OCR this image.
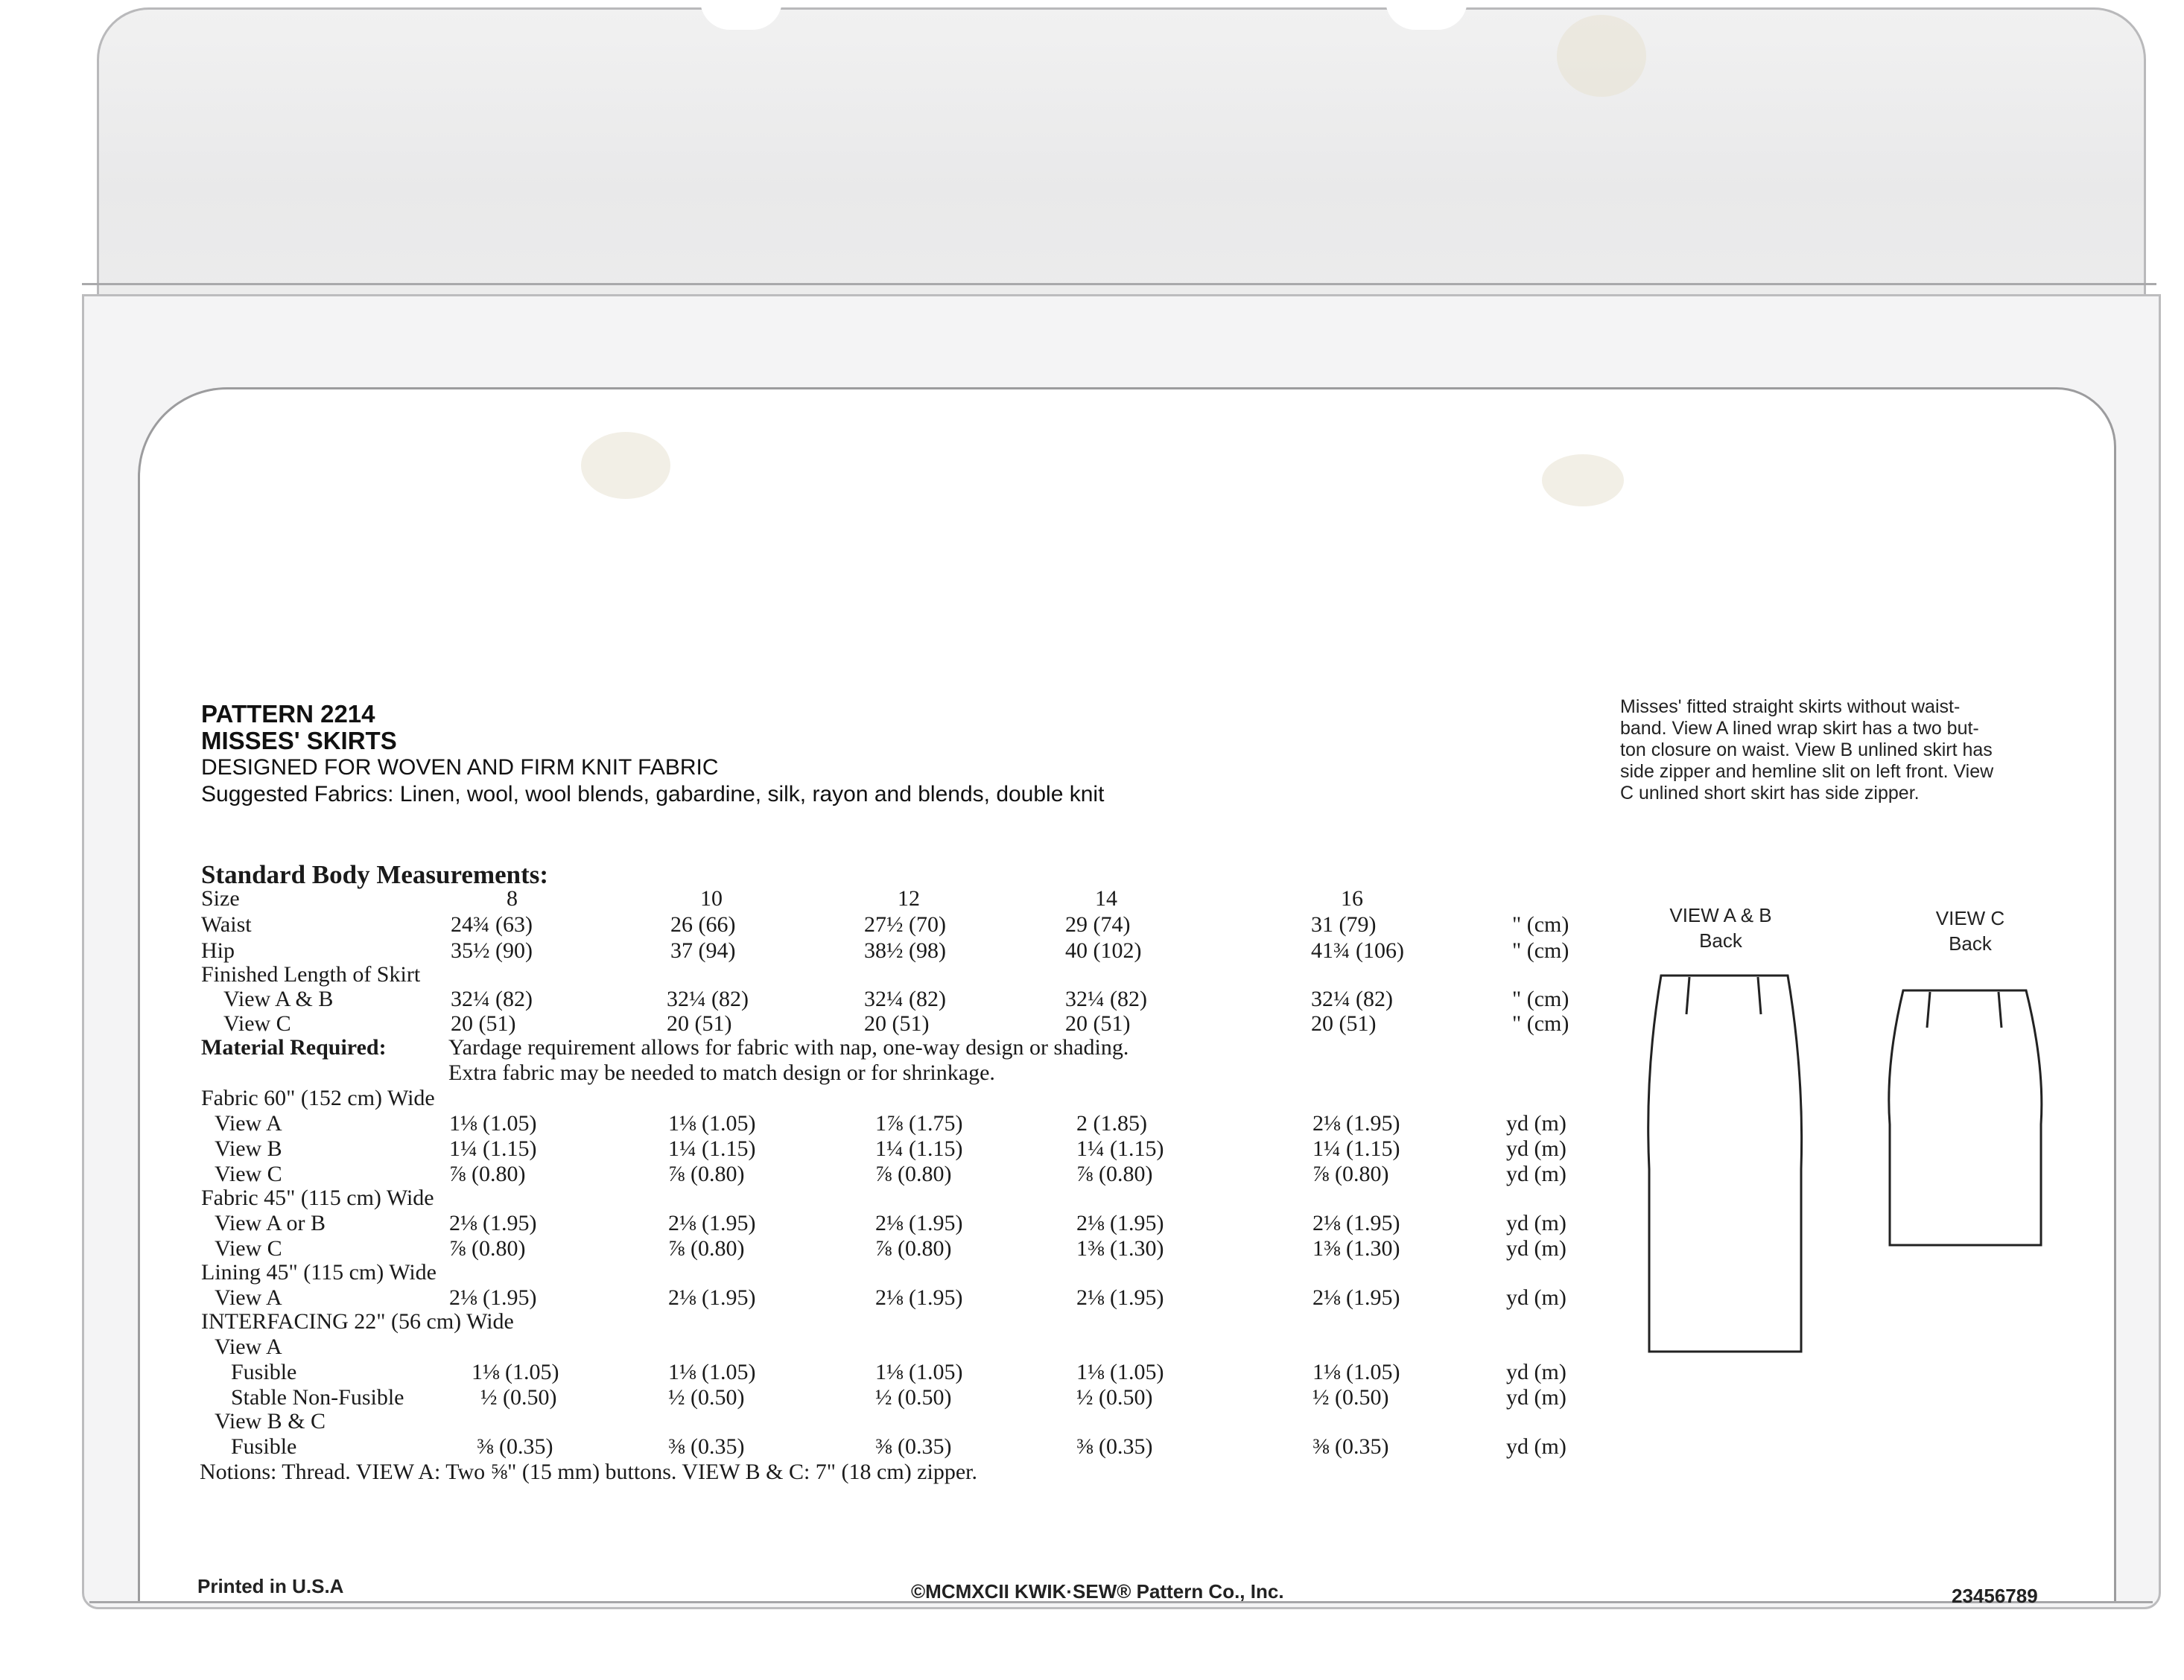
PATTERN 2214
MISSES' SKIRTS
DESIGNED FOR WOVEN AND FIRM KNIT FABRIC
Suggested Fabrics: Linen, wool, wool blends, gabardine, silk, rayon and blends, double knit
Misses' fitted straight skirts without waist-
band. View A lined wrap skirt has a two but-
ton closure on waist. View B unlined skirt has
side zipper and hemline slit on left front. View
C unlined short skirt has side zipper.
Standard Body Measurements:
Size	8	10	12	14	16
Waist	24¾ (63)	26 (66)	27½ (70)	29 (74)	31 (79)	" (cm)
Hip	35½ (90)	37 (94)	38½ (98)	40 (102)	41¾ (106)	" (cm)
Finished Length of Skirt
View A & B	32¼ (82)	32¼ (82)	32¼ (82)	32¼ (82)	32¼ (82)	" (cm)
View C	20 (51)	20 (51)	20 (51)	20 (51)	20 (51)	" (cm)
Material Required:	Yardage requirement allows for fabric with nap, one-way design or shading.
Extra fabric may be needed to match design or for shrinkage.
Fabric 60" (152 cm) Wide
View A	1⅛ (1.05)	1⅛ (1.05)	1⅞ (1.75)	2 (1.85)	2⅛ (1.95)	yd (m)
View B	1¼ (1.15)	1¼ (1.15)	1¼ (1.15)	1¼ (1.15)	1¼ (1.15)	yd (m)
View C	⅞ (0.80)	⅞ (0.80)	⅞ (0.80)	⅞ (0.80)	⅞ (0.80)	yd (m)
Fabric 45" (115 cm) Wide
View A or B	2⅛ (1.95)	2⅛ (1.95)	2⅛ (1.95)	2⅛ (1.95)	2⅛ (1.95)	yd (m)
View C	⅞ (0.80)	⅞ (0.80)	⅞ (0.80)	1⅜ (1.30)	1⅜ (1.30)	yd (m)
Lining 45" (115 cm) Wide
View A	2⅛ (1.95)	2⅛ (1.95)	2⅛ (1.95)	2⅛ (1.95)	2⅛ (1.95)	yd (m)
INTERFACING 22" (56 cm) Wide
View A
Fusible	1⅛ (1.05)	1⅛ (1.05)	1⅛ (1.05)	1⅛ (1.05)	1⅛ (1.05)	yd (m)
Stable Non-Fusible	½ (0.50)	½ (0.50)	½ (0.50)	½ (0.50)	½ (0.50)	yd (m)
View B & C
Fusible	⅜ (0.35)	⅜ (0.35)	⅜ (0.35)	⅜ (0.35)	⅜ (0.35)	yd (m)
Notions: Thread. VIEW A: Two ⅝" (15 mm) buttons. VIEW B & C: 7" (18 cm) zipper.
VIEW A & B
Back
VIEW C
Back
Printed in U.S.A	©MCMXCII KWIK·SEW® Pattern Co., Inc.	23456789
